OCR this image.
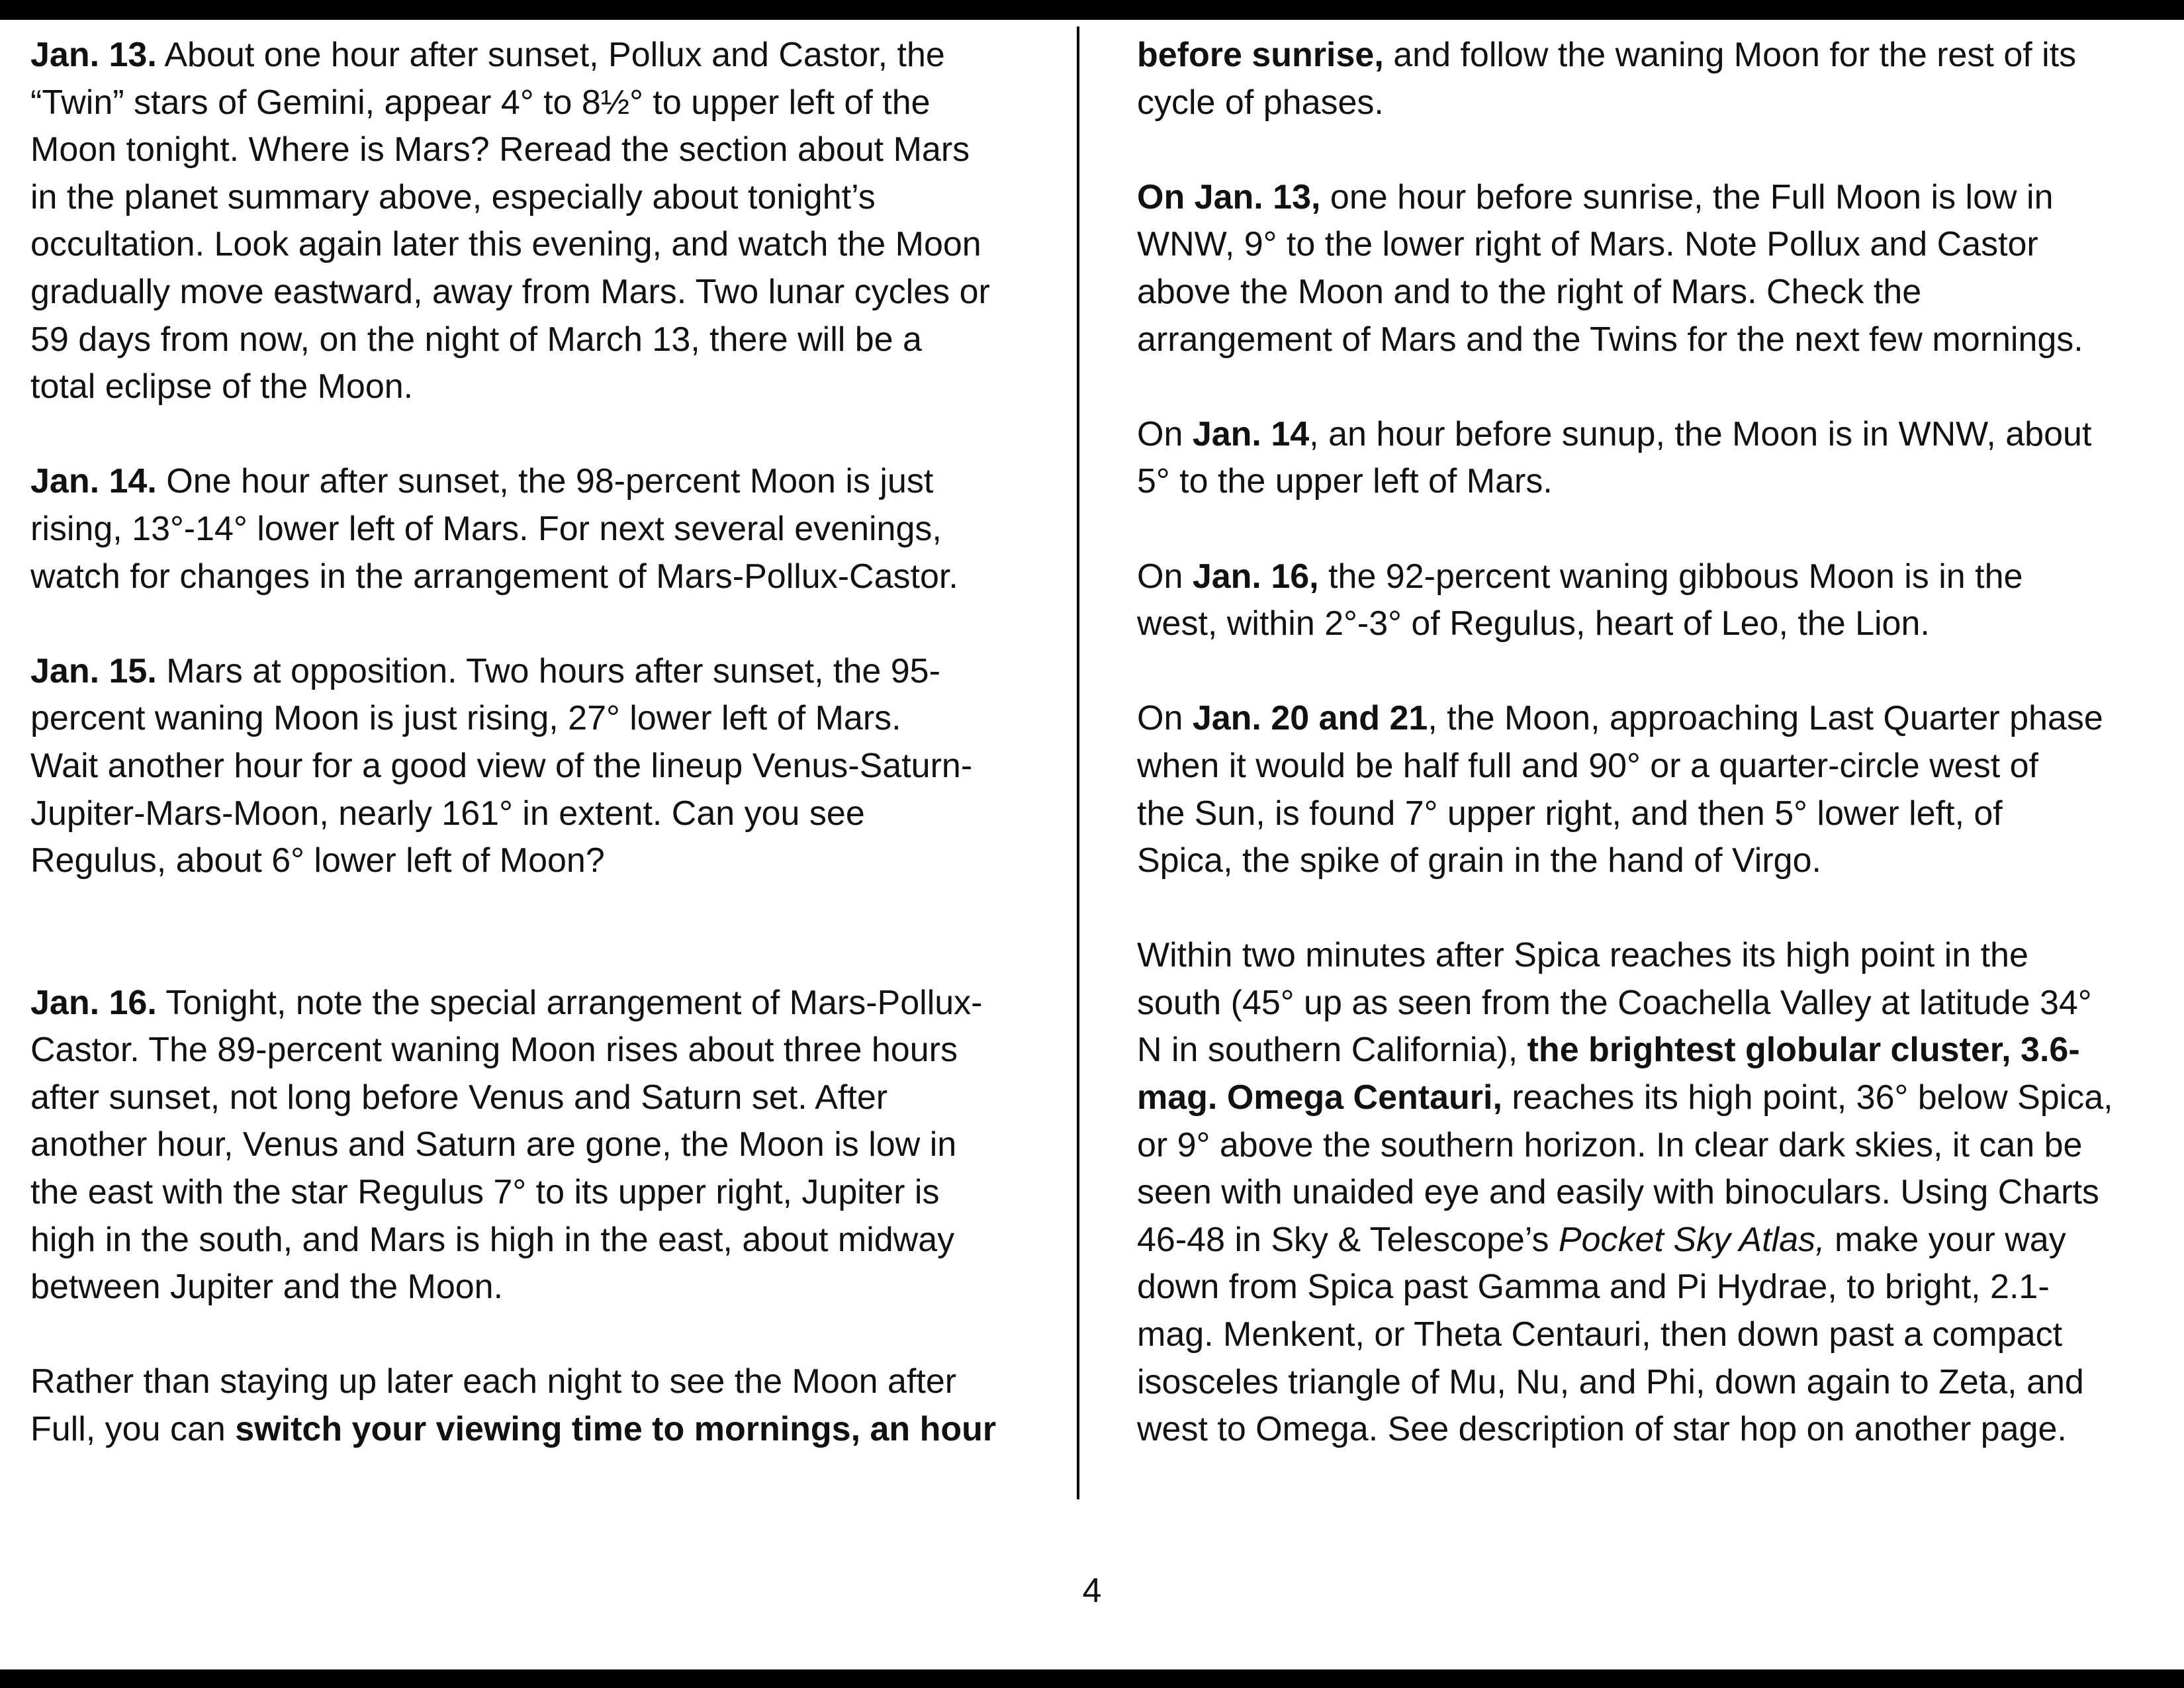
Jan. 13. About one hour after sunset, Pollux and Castor, the
“Twin” stars of Gemini, appear 4° to 8½° to upper left of the
Moon tonight. Where is Mars? Reread the section about Mars
in the planet summary above, especially about tonight’s
occultation. Look again later this evening, and watch the Moon
gradually move eastward, away from Mars. Two lunar cycles or
59 days from now, on the night of March 13, there will be a
total eclipse of the Moon.
Jan. 14. One hour after sunset, the 98-percent Moon is just
rising, 13°-14° lower left of Mars. For next several evenings,
watch for changes in the arrangement of Mars-Pollux-Castor.
Jan. 15. Mars at opposition. Two hours after sunset, the 95-
percent waning Moon is just rising, 27° lower left of Mars.
Wait another hour for a good view of the lineup Venus-Saturn-
Jupiter-Mars-Moon, nearly 161° in extent. Can you see
Regulus, about 6° lower left of Moon?
Jan. 16. Tonight, note the special arrangement of Mars-Pollux-
Castor. The 89-percent waning Moon rises about three hours
after sunset, not long before Venus and Saturn set. After
another hour, Venus and Saturn are gone, the Moon is low in
the east with the star Regulus 7° to its upper right, Jupiter is
high in the south, and Mars is high in the east, about midway
between Jupiter and the Moon.
Rather than staying up later each night to see the Moon after
Full, you can switch your viewing time to mornings, an hour
before sunrise, and follow the waning Moon for the rest of its
cycle of phases.
On Jan. 13, one hour before sunrise, the Full Moon is low in
WNW, 9° to the lower right of Mars. Note Pollux and Castor
above the Moon and to the right of Mars. Check the
arrangement of Mars and the Twins for the next few mornings.
On Jan. 14, an hour before sunup, the Moon is in WNW, about
5° to the upper left of Mars.
On Jan. 16, the 92-percent waning gibbous Moon is in the
west, within 2°-3° of Regulus, heart of Leo, the Lion.
On Jan. 20 and 21, the Moon, approaching Last Quarter phase
when it would be half full and 90° or a quarter-circle west of
the Sun, is found 7° upper right, and then 5° lower left, of
Spica, the spike of grain in the hand of Virgo.
Within two minutes after Spica reaches its high point in the
south (45° up as seen from the Coachella Valley at latitude 34°
N in southern California), the brightest globular cluster, 3.6-
mag. Omega Centauri, reaches its high point, 36° below Spica,
or 9° above the southern horizon. In clear dark skies, it can be
seen with unaided eye and easily with binoculars. Using Charts
46-48 in Sky & Telescope’s Pocket Sky Atlas, make your way
down from Spica past Gamma and Pi Hydrae, to bright, 2.1-
mag. Menkent, or Theta Centauri, then down past a compact
isosceles triangle of Mu, Nu, and Phi, down again to Zeta, and
west to Omega. See description of star hop on another page.
4
